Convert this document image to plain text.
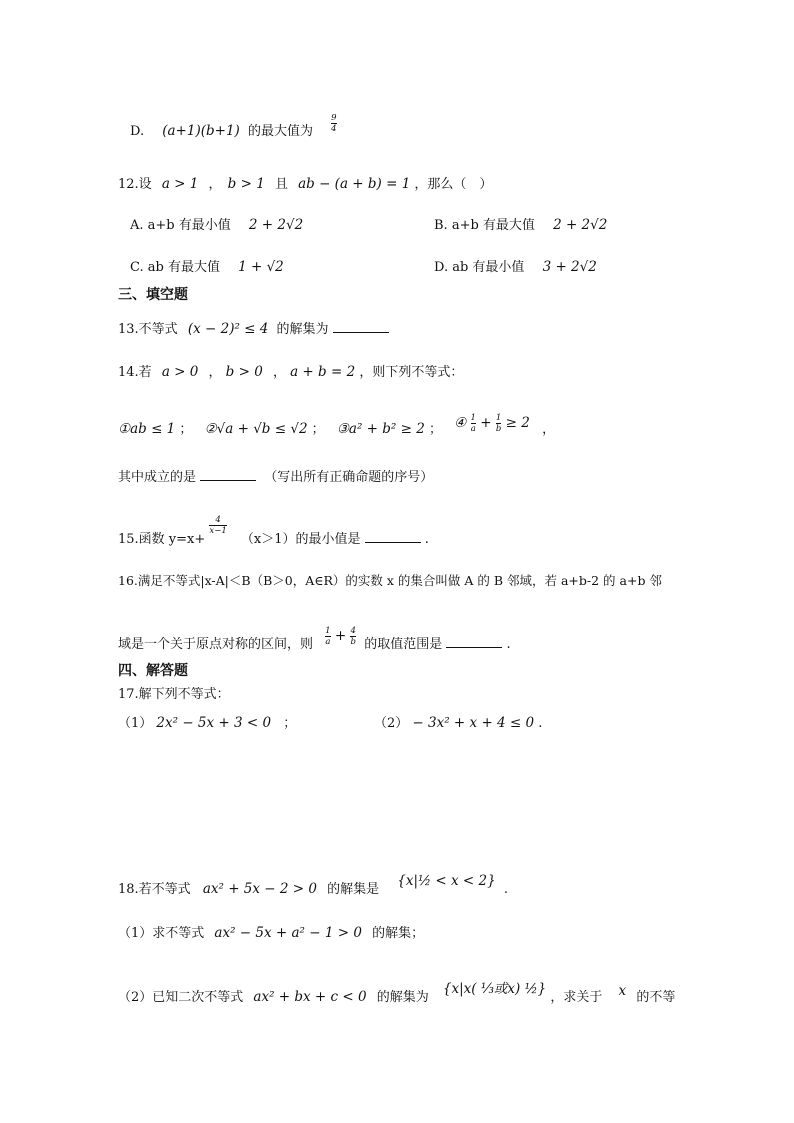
D. (a+1)(b+1) 的最大值为 $\frac{9}{4}$
12.设 a > 1 ， b > 1 且 ab − (a + b) = 1 ，那么（　）
A. a+b 有最小值 2 + 2√2	B. a+b 有最大值 2 + 2√2
C. ab 有最大值 1 + √2	D. ab 有最小值 3 + 2√2
三、填空题
13.不等式 (x − 2)² ≤ 4 的解集为
14.若 a > 0 ， b > 0 ， a + b = 2 ，则下列不等式：
①ab ≤ 1 ； ②√a + √b ≤ √2 ； ③a² + b² ≥ 2 ； ④ $\frac{1}{a} + \frac{1}{b} \ge 2$ ，
其中成立的是	（写出所有正确命题的序号）
15.函数 y=x+
$\frac{4}{x-1}$
（x＞1）的最小值是	.
16.满足不等式|x-A|＜B（B＞0，A∈R）的实数 x 的集合叫做 A 的 B 邻域，若 a+b-2 的 a+b 邻
域是一个关于原点对称的区间，则 $\frac{1}{a} + \frac{4}{b}$ 的取值范围是	.
四、解答题
17.解下列不等式：
（1） 2x² − 5x + 3 < 0 ；	（2） − 3x² + x + 4 ≤ 0 .
18.若不等式 ax² + 5x − 2 > 0 的解集是 {x|½ < x < 2} .
（1）求不等式 ax² − 5x + a² − 1 > 0 的解集；
（2）已知二次不等式 ax² + bx + c < 0 的解集为 {x|x( ⅓或x) ½} ，求关于 x 的不等
